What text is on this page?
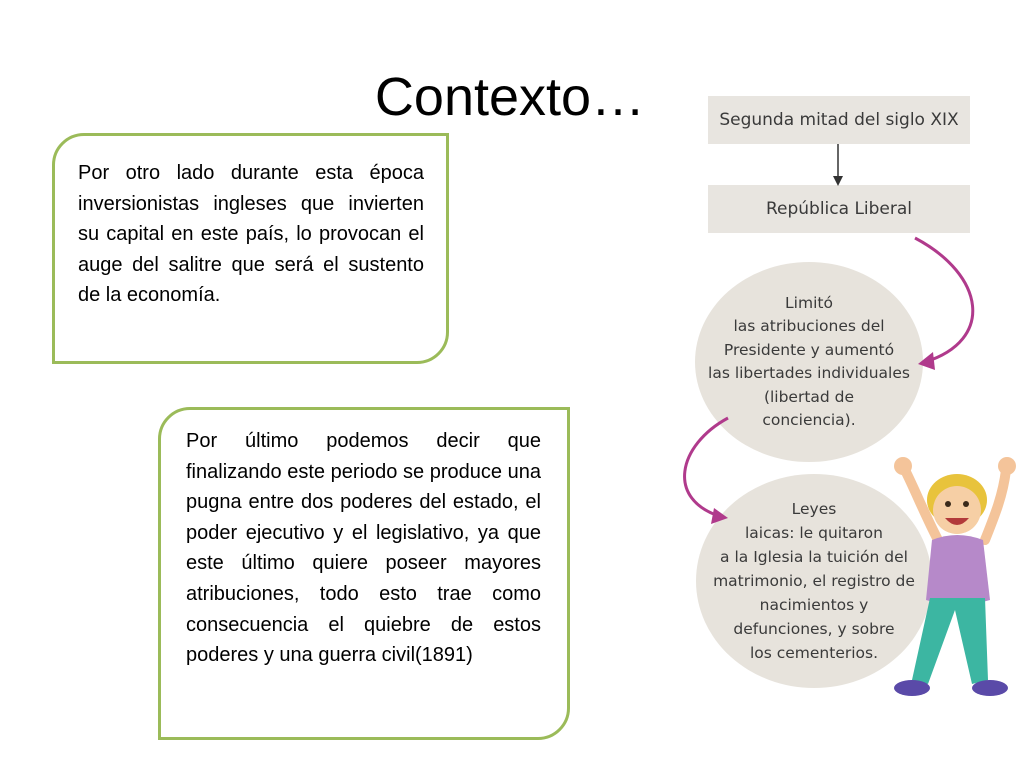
Contexto…
Por otro lado durante esta época inversionistas ingleses que invierten su capital en este país, lo provocan el auge del salitre que será el sustento de la economía.
Por último podemos decir que finalizando este periodo se produce una pugna entre dos poderes del estado, el poder ejecutivo y el legislativo, ya que este último quiere poseer mayores atribuciones, todo esto trae como consecuencia el quiebre de estos poderes y una guerra civil(1891)
Segunda mitad del siglo XIX
República Liberal
Limitó
las atribuciones del
Presidente y aumentó
las libertades individuales
(libertad de
conciencia).
Leyes
laicas: le quitaron
a la Iglesia la tuición del
matrimonio, el registro de
nacimientos y
defunciones, y sobre
los cementerios.
